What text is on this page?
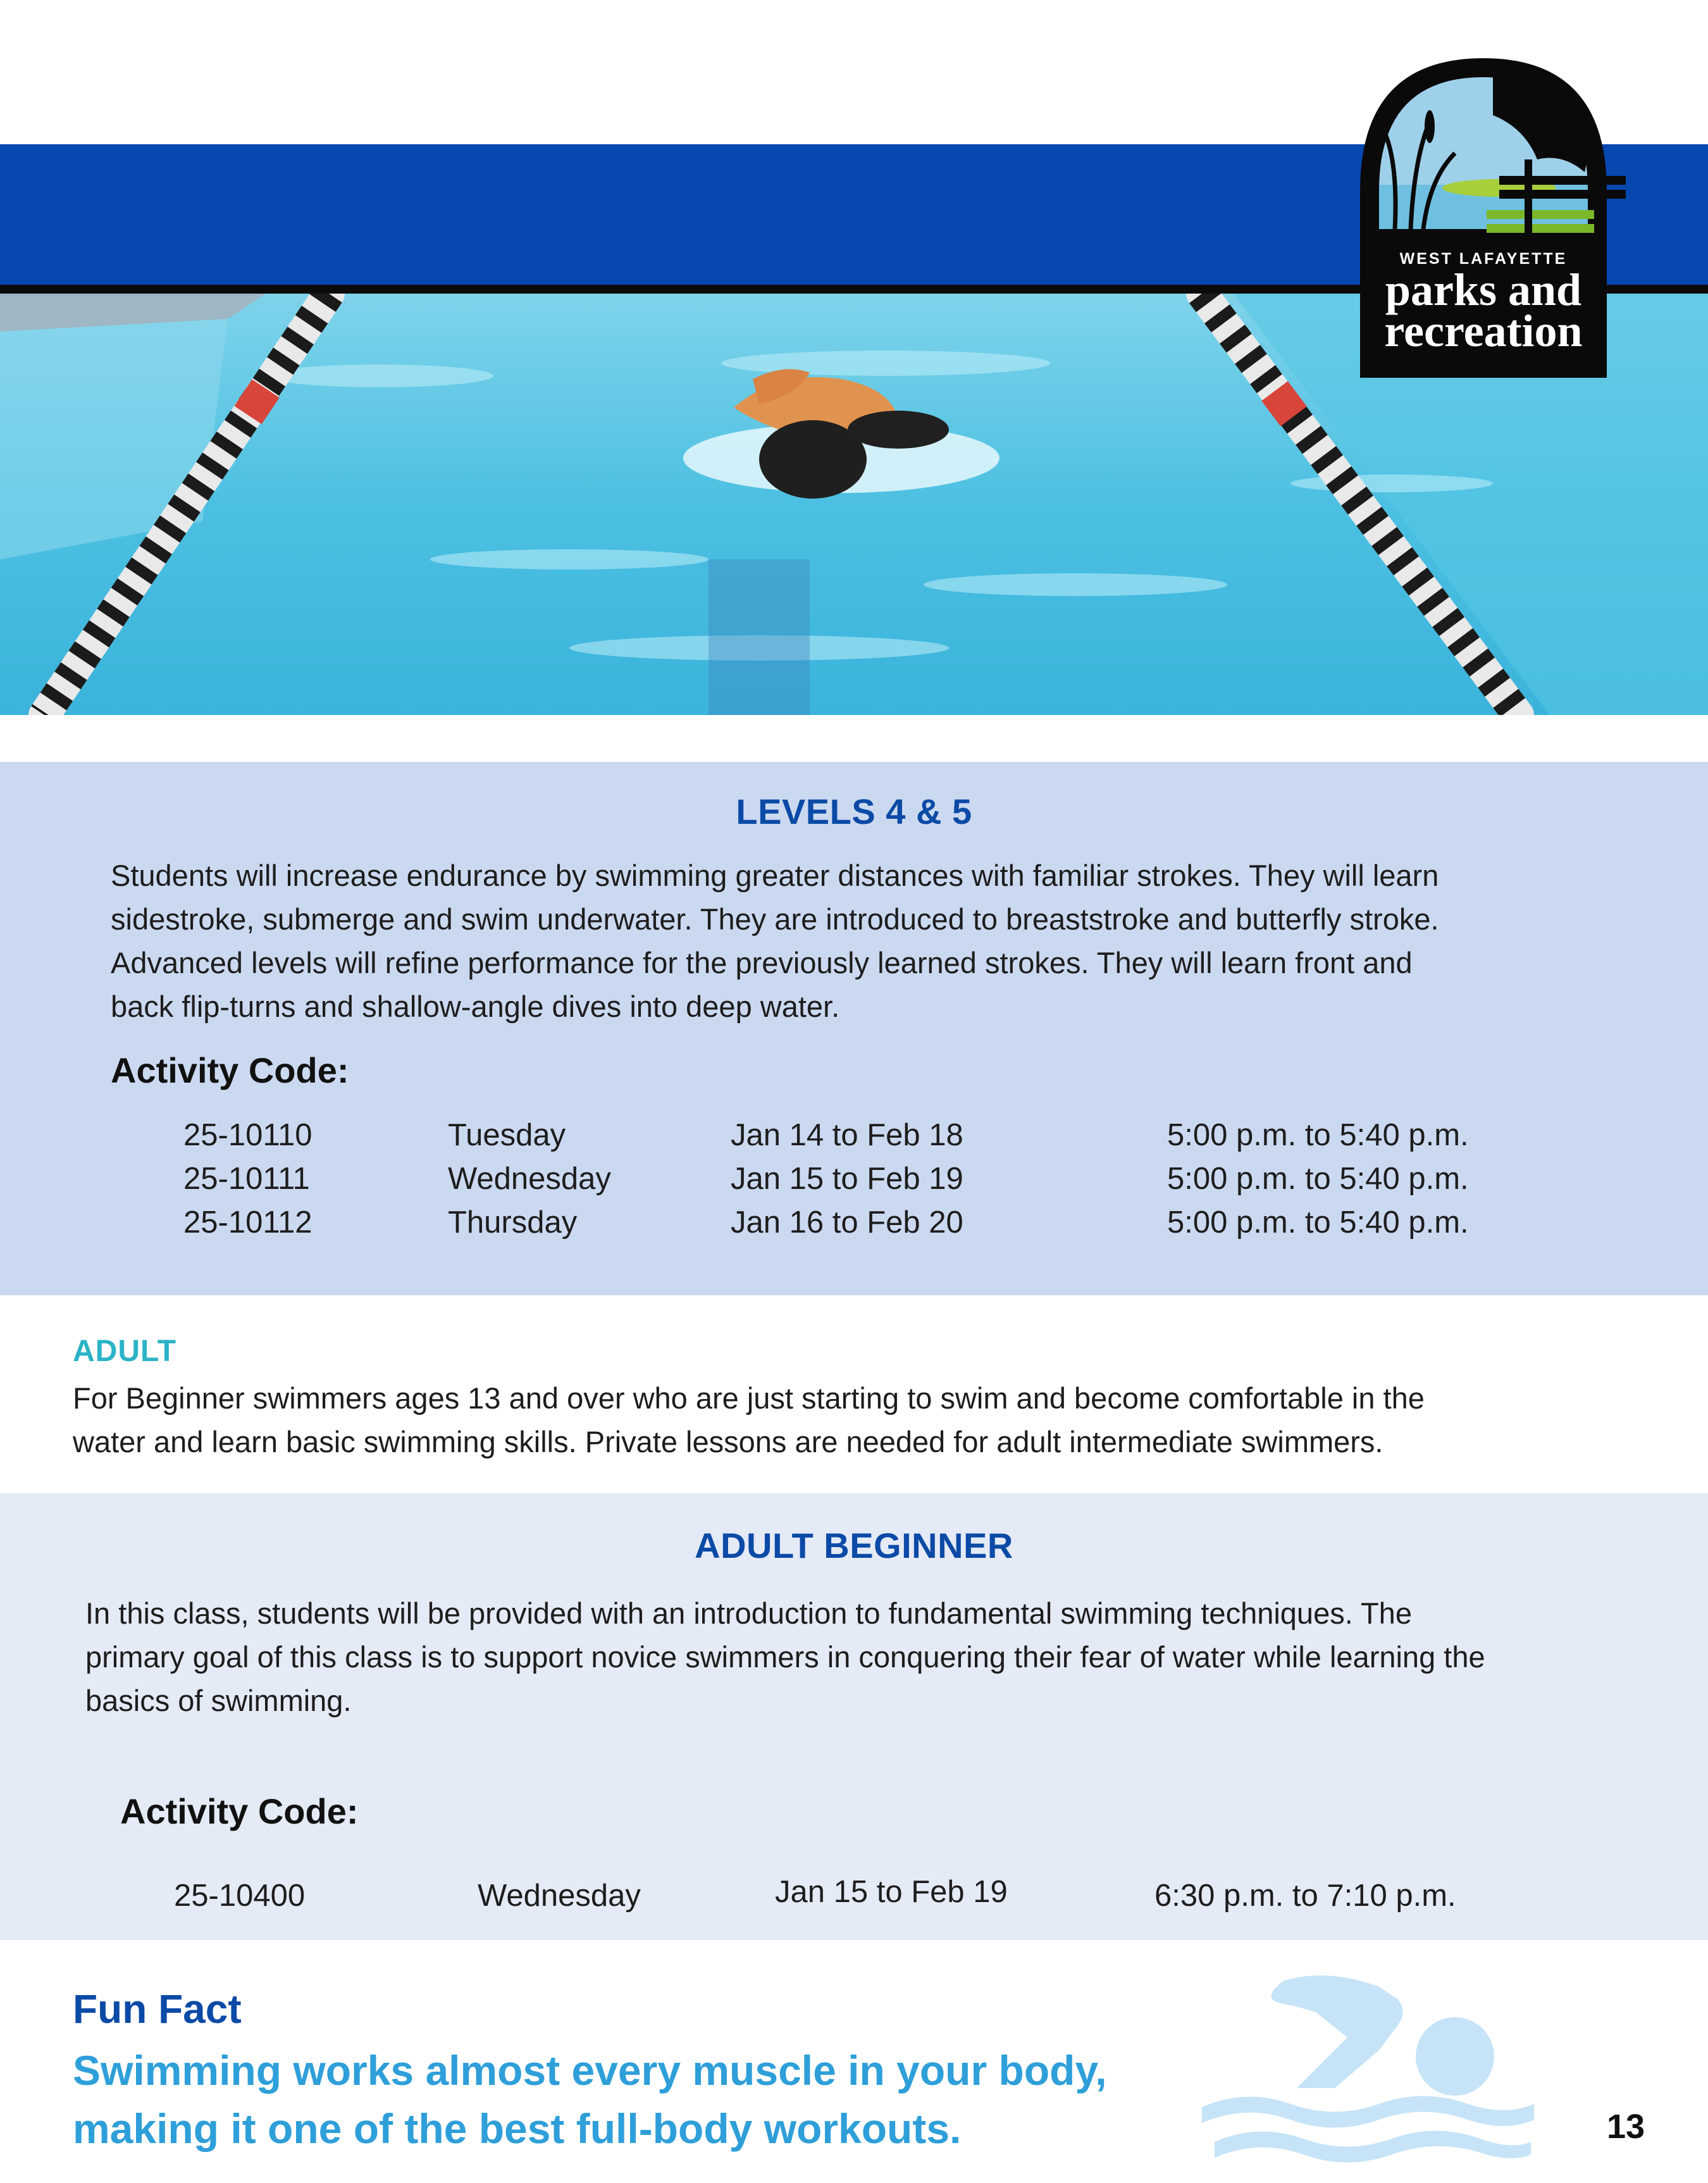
WEST LAFAYETTE
parks and
recreation
LEVELS 4 & 5
Students will increase endurance by swimming greater distances with familiar strokes. They will learn
sidestroke, submerge and swim underwater. They are introduced to breaststroke and butterfly stroke.
Advanced levels will refine performance for the previously learned strokes. They will learn front and
back flip-turns and shallow-angle dives into deep water.
Activity Code:
25-10110	Tuesday	Jan 14 to Feb 18	5:00 p.m. to 5:40 p.m.
25-10111	Wednesday	Jan 15 to Feb 19	5:00 p.m. to 5:40 p.m.
25-10112	Thursday	Jan 16 to Feb 20	5:00 p.m. to 5:40 p.m.
ADULT
For Beginner swimmers ages 13 and over who are just starting to swim and become comfortable in the
water and learn basic swimming skills. Private lessons are needed for adult intermediate swimmers.
ADULT BEGINNER
In this class, students will be provided with an introduction to fundamental swimming techniques. The
primary goal of this class is to support novice swimmers in conquering their fear of water while learning the
basics of swimming.
Activity Code:
25-10400	Wednesday	Jan 15 to Feb 19	6:30 p.m. to 7:10 p.m.
Fun Fact
Swimming works almost every muscle in your body,
making it one of the best full-body workouts.	13
